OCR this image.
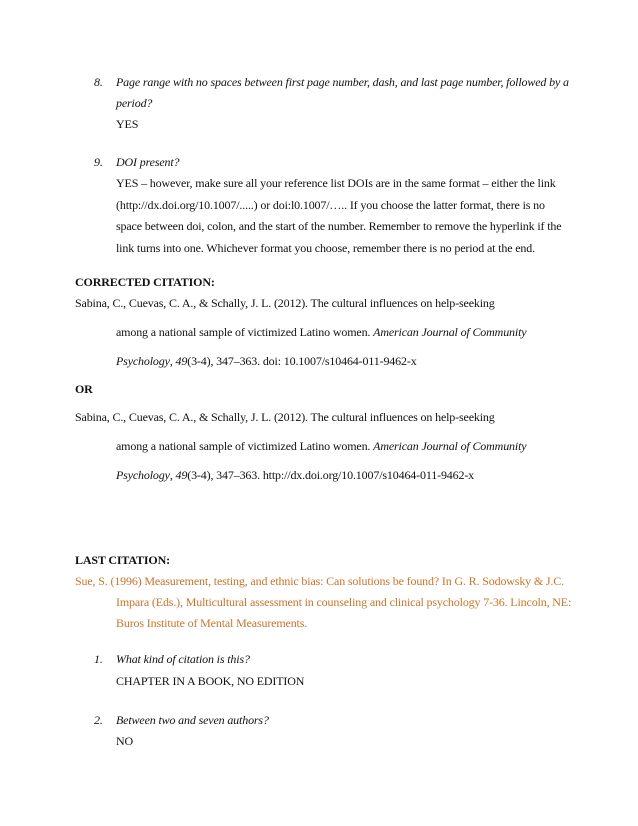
8. Page range with no spaces between first page number, dash, and last page number, followed by a
period?
YES
9. DOI present?
YES – however, make sure all your reference list DOIs are in the same format – either the link
(http://dx.doi.org/10.1007/.....) or doi:l0.1007/….. If you choose the latter format, there is no
space between doi, colon, and the start of the number. Remember to remove the hyperlink if the
link turns into one. Whichever format you choose, remember there is no period at the end.
CORRECTED CITATION:
Sabina, C., Cuevas, C. A., & Schally, J. L. (2012). The cultural influences on help-seeking
among a national sample of victimized Latino women. American Journal of Community
Psychology, 49(3-4), 347–363. doi: 10.1007/s10464-011-9462-x
OR
Sabina, C., Cuevas, C. A., & Schally, J. L. (2012). The cultural influences on help-seeking
among a national sample of victimized Latino women. American Journal of Community
Psychology, 49(3-4), 347–363. http://dx.doi.org/10.1007/s10464-011-9462-x
LAST CITATION:
Sue, S. (1996) Measurement, testing, and ethnic bias: Can solutions be found? In G. R. Sodowsky & J.C.
Impara (Eds.), Multicultural assessment in counseling and clinical psychology 7-36. Lincoln, NE:
Buros Institute of Mental Measurements.
1. What kind of citation is this?
CHAPTER IN A BOOK, NO EDITION
2. Between two and seven authors?
NO
